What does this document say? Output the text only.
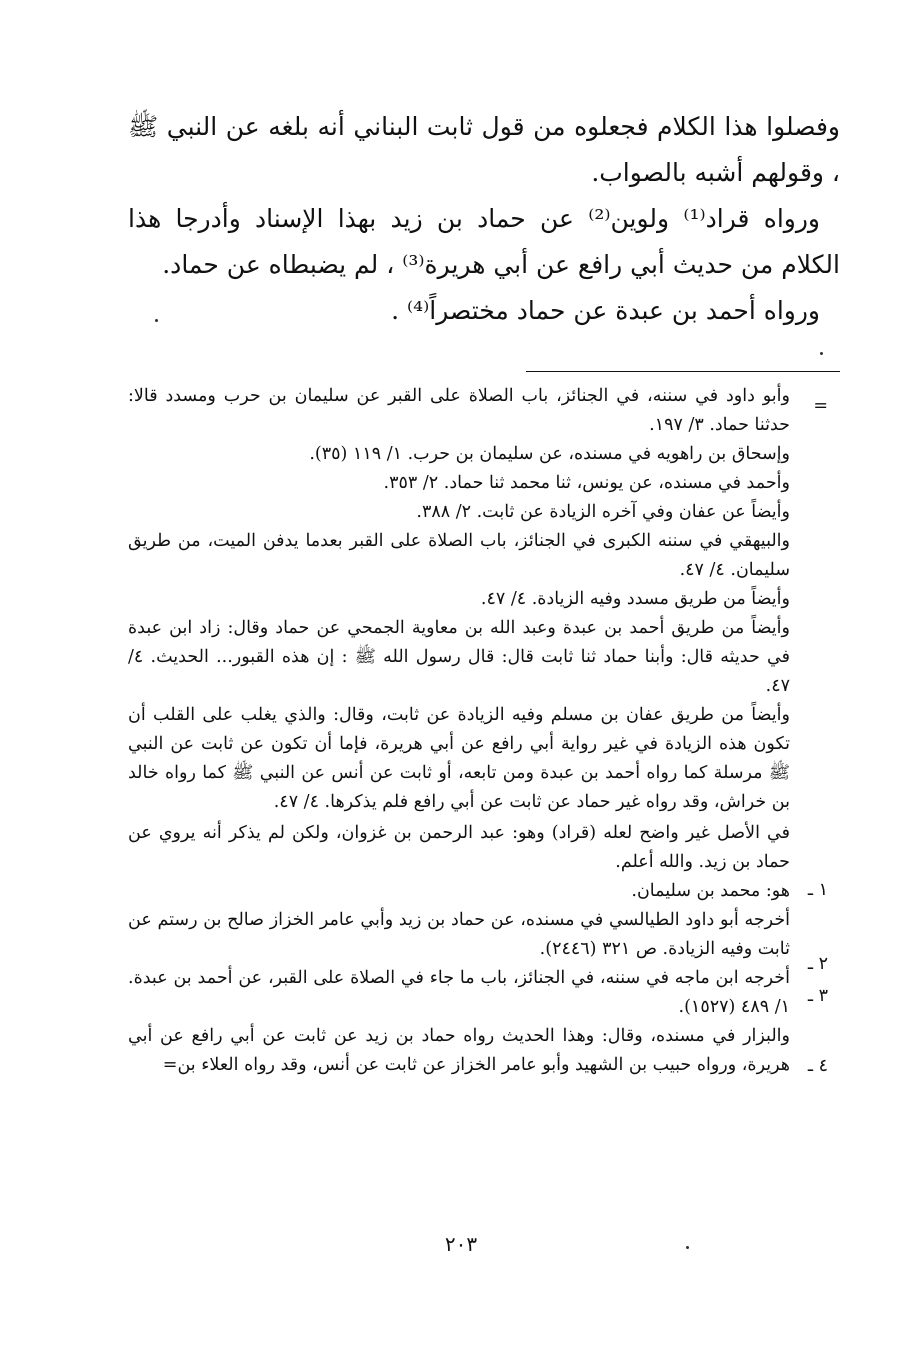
وفصلوا هذا الكلام فجعلوه من قول ثابت البناني أنه بلغه عن النبي ﷺ ، وقولهم أشبه بالصواب.

ورواه قراد⁽¹⁾ ولوين⁽²⁾ عن حماد بن زيد بهذا الإسناد وأدرجا هذا الكلام من حديث أبي رافع عن أبي هريرة⁽³⁾ ، لم يضبطاه عن حماد.

ورواه أحمد بن عبدة عن حماد مختصراً⁽⁴⁾ .

=
١ ـ
٢ ـ
٣ ـ
٤ ـ

وأبو داود في سننه، في الجنائز، باب الصلاة على القبر عن سليمان بن حرب ومسدد قالا: حدثنا حماد. ٣/ ١٩٧.

وإسحاق بن راهويه في مسنده، عن سليمان بن حرب. ١/ ١١٩ (٣٥).

وأحمد في مسنده، عن يونس، ثنا محمد ثنا حماد. ٢/ ٣٥٣.

وأيضاً عن عفان وفي آخره الزيادة عن ثابت. ٢/ ٣٨٨.

والبيهقي في سننه الكبرى في الجنائز، باب الصلاة على القبر بعدما يدفن الميت، من طريق سليمان. ٤/ ٤٧.

وأيضاً من طريق مسدد وفيه الزيادة. ٤/ ٤٧.

وأيضاً من طريق أحمد بن عبدة وعبد الله بن معاوية الجمحي عن حماد وقال: زاد ابن عبدة في حديثه قال: وأبنا حماد ثنا ثابت قال: قال رسول الله ﷺ : إن هذه القبور... الحديث. ٤/ ٤٧.

وأيضاً من طريق عفان بن مسلم وفيه الزيادة عن ثابت، وقال: والذي يغلب على القلب أن تكون هذه الزيادة في غير رواية أبي رافع عن أبي هريرة، فإما أن تكون عن ثابت عن النبي ﷺ مرسلة كما رواه أحمد بن عبدة ومن تابعه، أو ثابت عن أنس عن النبي ﷺ كما رواه خالد بن خراش، وقد رواه غير حماد عن ثابت عن أبي رافع فلم يذكرها. ٤/ ٤٧.

في الأصل غير واضح لعله (قراد) وهو: عبد الرحمن بن غزوان، ولكن لم يذكر أنه يروي عن حماد بن زيد. والله أعلم.

هو: محمد بن سليمان.

أخرجه أبو داود الطيالسي في مسنده، عن حماد بن زيد وأبي عامر الخزاز صالح بن رستم عن ثابت وفيه الزيادة. ص ٣٢١ (٢٤٤٦).

أخرجه ابن ماجه في سننه، في الجنائز، باب ما جاء في الصلاة على القبر، عن أحمد بن عبدة. ١/ ٤٨٩ (١٥٢٧).

والبزار في مسنده، وقال: وهذا الحديث رواه حماد بن زيد عن ثابت عن أبي رافع عن أبي هريرة، ورواه حبيب بن الشهيد وأبو عامر الخزاز عن ثابت عن أنس، وقد رواه العلاء بن=

٢٠٣
